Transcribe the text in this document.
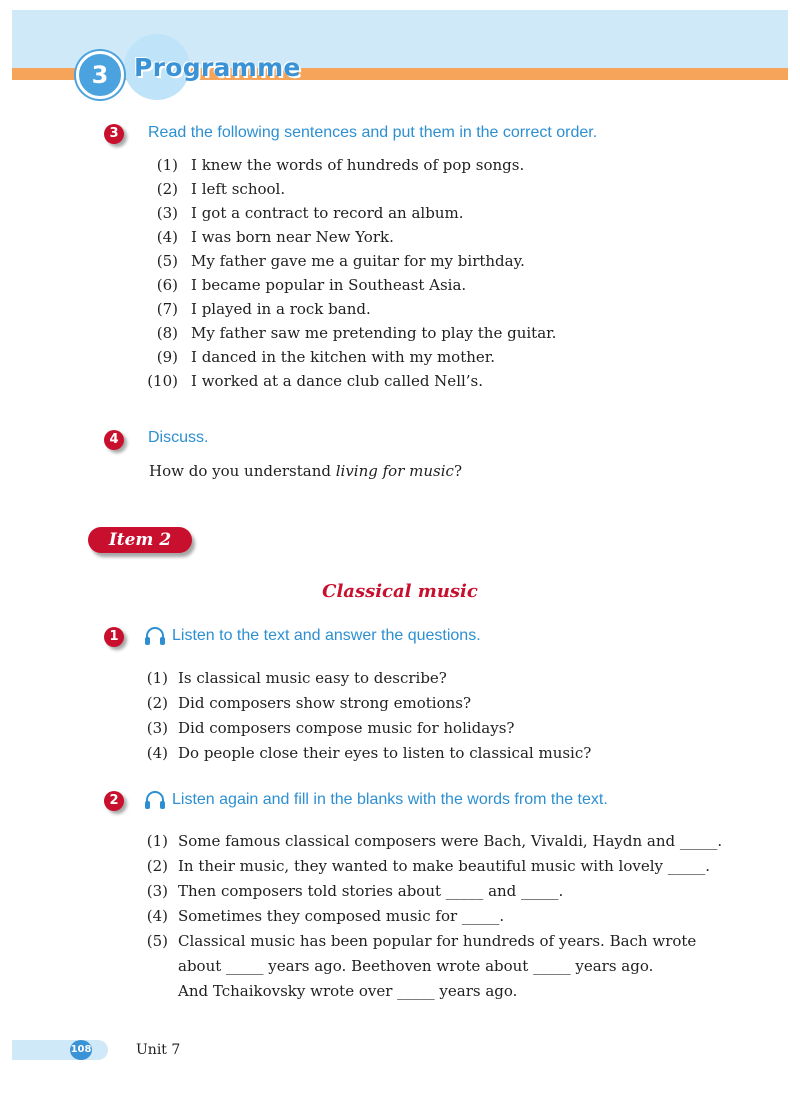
3	Programme
3	Read the following sentences and put them in the correct order.
(1) I knew the words of hundreds of pop songs.
(2) I left school.
(3) I got a contract to record an album.
(4) I was born near New York.
(5) My father gave me a guitar for my birthday.
(6) I became popular in Southeast Asia.
(7) I played in a rock band.
(8) My father saw me pretending to play the guitar.
(9) I danced in the kitchen with my mother.
(10) I worked at a dance club called Nell’s.
4	Discuss.
How do you understand living for music?
Item 2
Classical music
1	Listen to the text and answer the questions.
(1) Is classical music easy to describe?
(2) Did composers show strong emotions?
(3) Did composers compose music for holidays?
(4) Do people close their eyes to listen to classical music?
2	Listen again and fill in the blanks with the words from the text.
(1) Some famous classical composers were Bach, Vivaldi, Haydn and _____.
(2) In their music, they wanted to make beautiful music with lovely _____.
(3) Then composers told stories about _____ and _____.
(4) Sometimes they composed music for _____.
(5) Classical music has been popular for hundreds of years. Bach wrote
about _____ years ago. Beethoven wrote about _____ years ago.
And Tchaikovsky wrote over _____ years ago.
108	Unit 7
